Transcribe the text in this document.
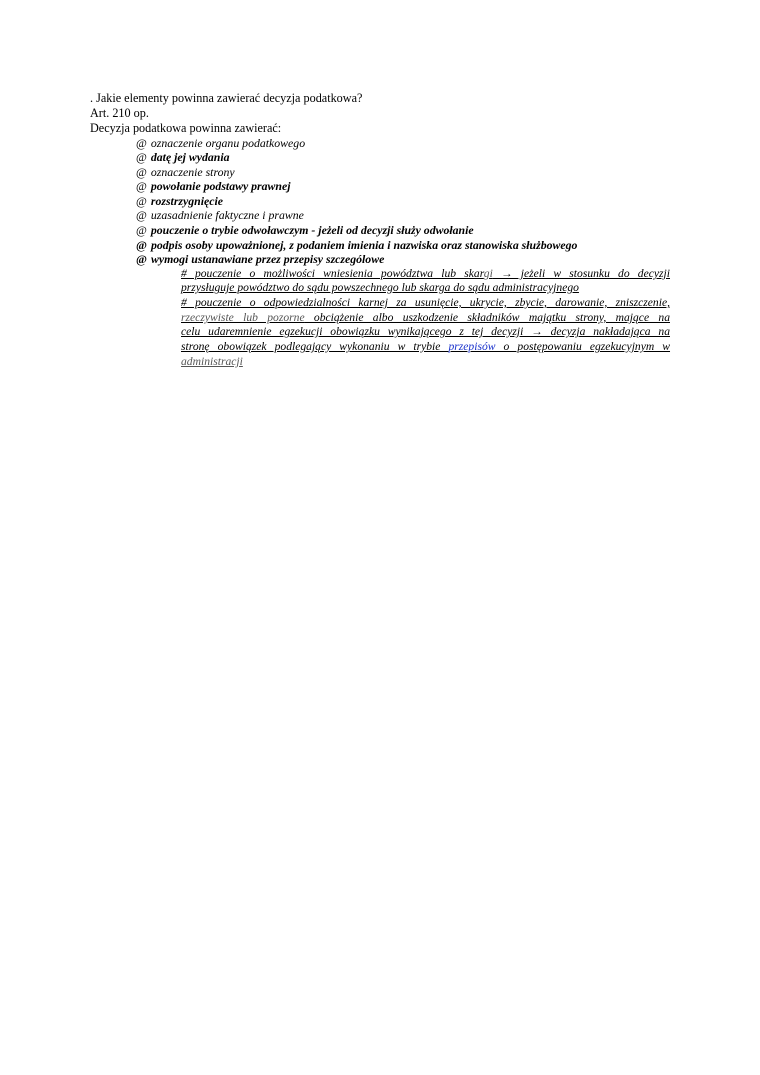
. Jakie elementy powinna zawierać decyzja podatkowa?
Art. 210 op.
Decyzja podatkowa powinna zawierać:
@ oznaczenie organu podatkowego
@ datę jej wydania
@ oznaczenie strony
@ powołanie podstawy prawnej
@ rozstrzygnięcie
@ uzasadnienie faktyczne i prawne
@ pouczenie o trybie odwoławczym - jeżeli od decyzji służy odwołanie
@ podpis osoby upoważnionej, z podaniem imienia i nazwiska oraz stanowiska służbowego
@ wymogi ustanawiane przez przepisy szczególowe
# pouczenie o możliwości wniesienia powództwa lub skargi → jeżeli w stosunku do decyzji
przysługuje powództwo do sądu powszechnego lub skarga do sądu administracyjnego
# pouczenie o odpowiedzialności karnej za usunięcie, ukrycie, zbycie, darowanie, zniszczenie,
rzeczywiste lub pozorne obciążenie albo uszkodzenie składników majątku strony, mające na
celu udaremnienie egzekucji obowiązku wynikającego z tej decyzji → decyzja nakładająca na
stronę obowiązek podlegający wykonaniu w trybie przepisów o postępowaniu egzekucyjnym w
administracji
